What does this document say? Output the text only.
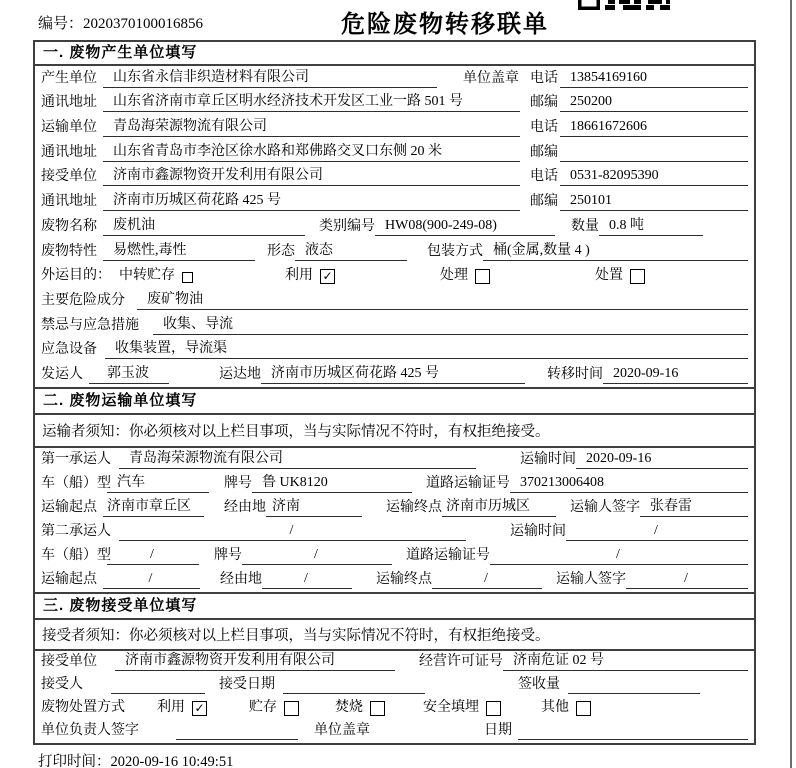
编号：2020370100016856	危险废物转移联单
一. 废物产生单位填写
产生单位	山东省永信非织造材料有限公司	单位盖章 电话 13854169160
通讯地址	山东省济南市章丘区明水经济技术开发区工业一路 501 号	邮编 250200
运输单位	青岛海荣源物流有限公司	电话 18661672606
通讯地址	山东省青岛市李沧区徐水路和郑佛路交叉口东侧 20 米	邮编
接受单位	济南市鑫源物资开发利用有限公司	电话 0531-82095390
通讯地址	济南市历城区荷花路 425 号	邮编 250101
废物名称	废机油	类别编号 HW08(900-249-08)	数量 0.8 吨
废物特性	易燃性,毒性	形态 液态	包装方式 桶(金属,数量 4 )
外运目的： 中转贮存	利用 ✓	处理	处置
主要危险成分	废矿物油
禁忌与应急措施	收集、导流
应急设备	收集装置，导流渠
发运人	郭玉波	运达地 济南市历城区荷花路 425 号	转移时间 2020-09-16
二. 废物运输单位填写
运输者须知： 你必须核对以上栏目事项，当与实际情况不符时，有权拒绝接受。
第一承运人	青岛海荣源物流有限公司	运输时间 2020-09-16
车（船）型 汽车	牌号 鲁 UK8120	道路运输证号 370213006408
运输起点 济南市章丘区	经由地 济南	运输终点 济南市历城区	运输人签字 张春雷
第二承运人	/	运输时间	/
车（船）型	/	牌号	/	道路运输证号	/
运输起点	/	经由地	/	运输终点	/	运输人签字	/
三. 废物接受单位填写
接受者须知： 你必须核对以上栏目事项，当与实际情况不符时，有权拒绝接受。
接受单位	济南市鑫源物资开发利用有限公司	经营许可证号 济南危证 02 号
接受人	接受日期	签收量
废物处置方式	利用 ✓	贮存	焚烧	安全填埋	其他
单位负责人签字	单位盖章	日期
打印时间：2020-09-16 10:49:51
